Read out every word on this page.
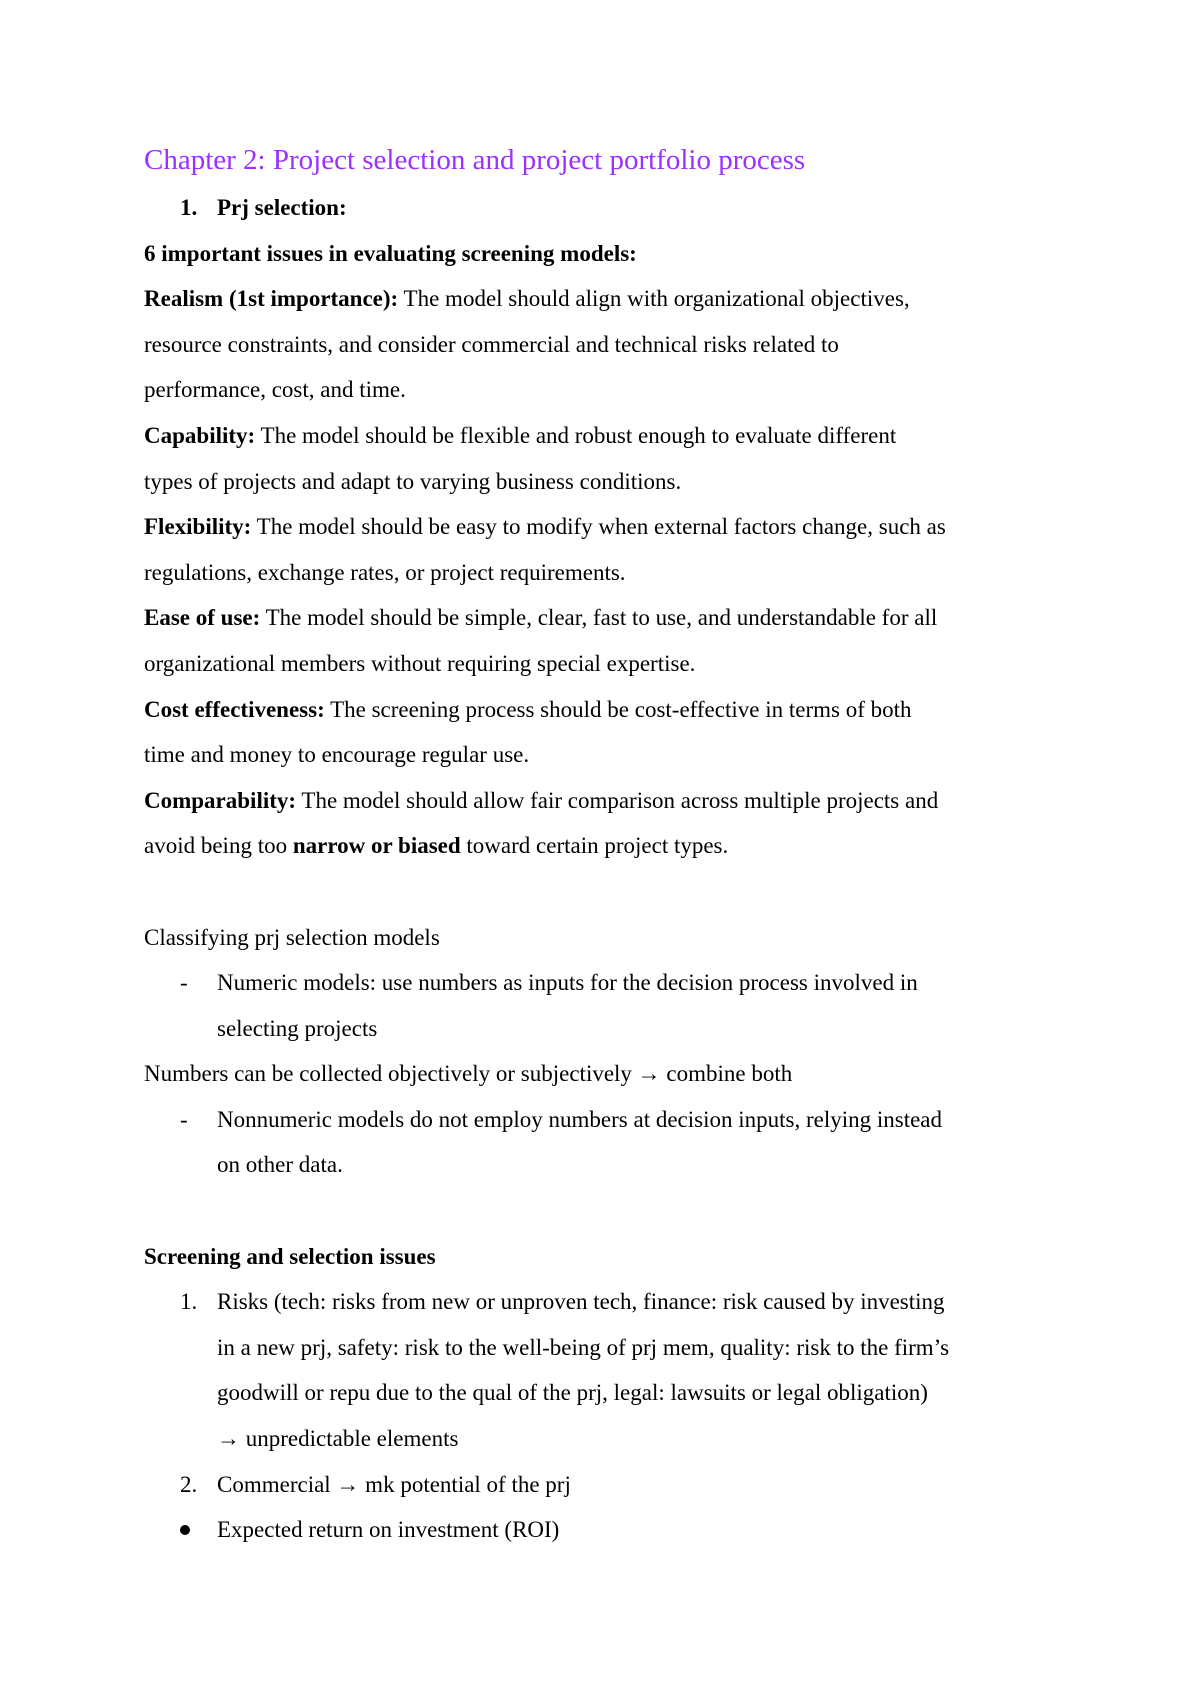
Chapter 2: Project selection and project portfolio process

1. Prj selection:

6 important issues in evaluating screening models:

Realism (1st importance): The model should align with organizational objectives,

resource constraints, and consider commercial and technical risks related to

performance, cost, and time.

Capability: The model should be flexible and robust enough to evaluate different

types of projects and adapt to varying business conditions.

Flexibility: The model should be easy to modify when external factors change, such as

regulations, exchange rates, or project requirements.

Ease of use: The model should be simple, clear, fast to use, and understandable for all

organizational members without requiring special expertise.

Cost effectiveness: The screening process should be cost-effective in terms of both

time and money to encourage regular use.

Comparability: The model should allow fair comparison across multiple projects and

avoid being too narrow or biased toward certain project types.

Classifying prj selection models

- Numeric models: use numbers as inputs for the decision process involved in

selecting projects

Numbers can be collected objectively or subjectively → combine both

- Nonnumeric models do not employ numbers at decision inputs, relying instead

on other data.

Screening and selection issues

1. Risks (tech: risks from new or unproven tech, finance: risk caused by investing

in a new prj, safety: risk to the well-being of prj mem, quality: risk to the firm’s

goodwill or repu due to the qual of the prj, legal: lawsuits or legal obligation)

→ unpredictable elements

2. Commercial → mk potential of the prj

Expected return on investment (ROI)
